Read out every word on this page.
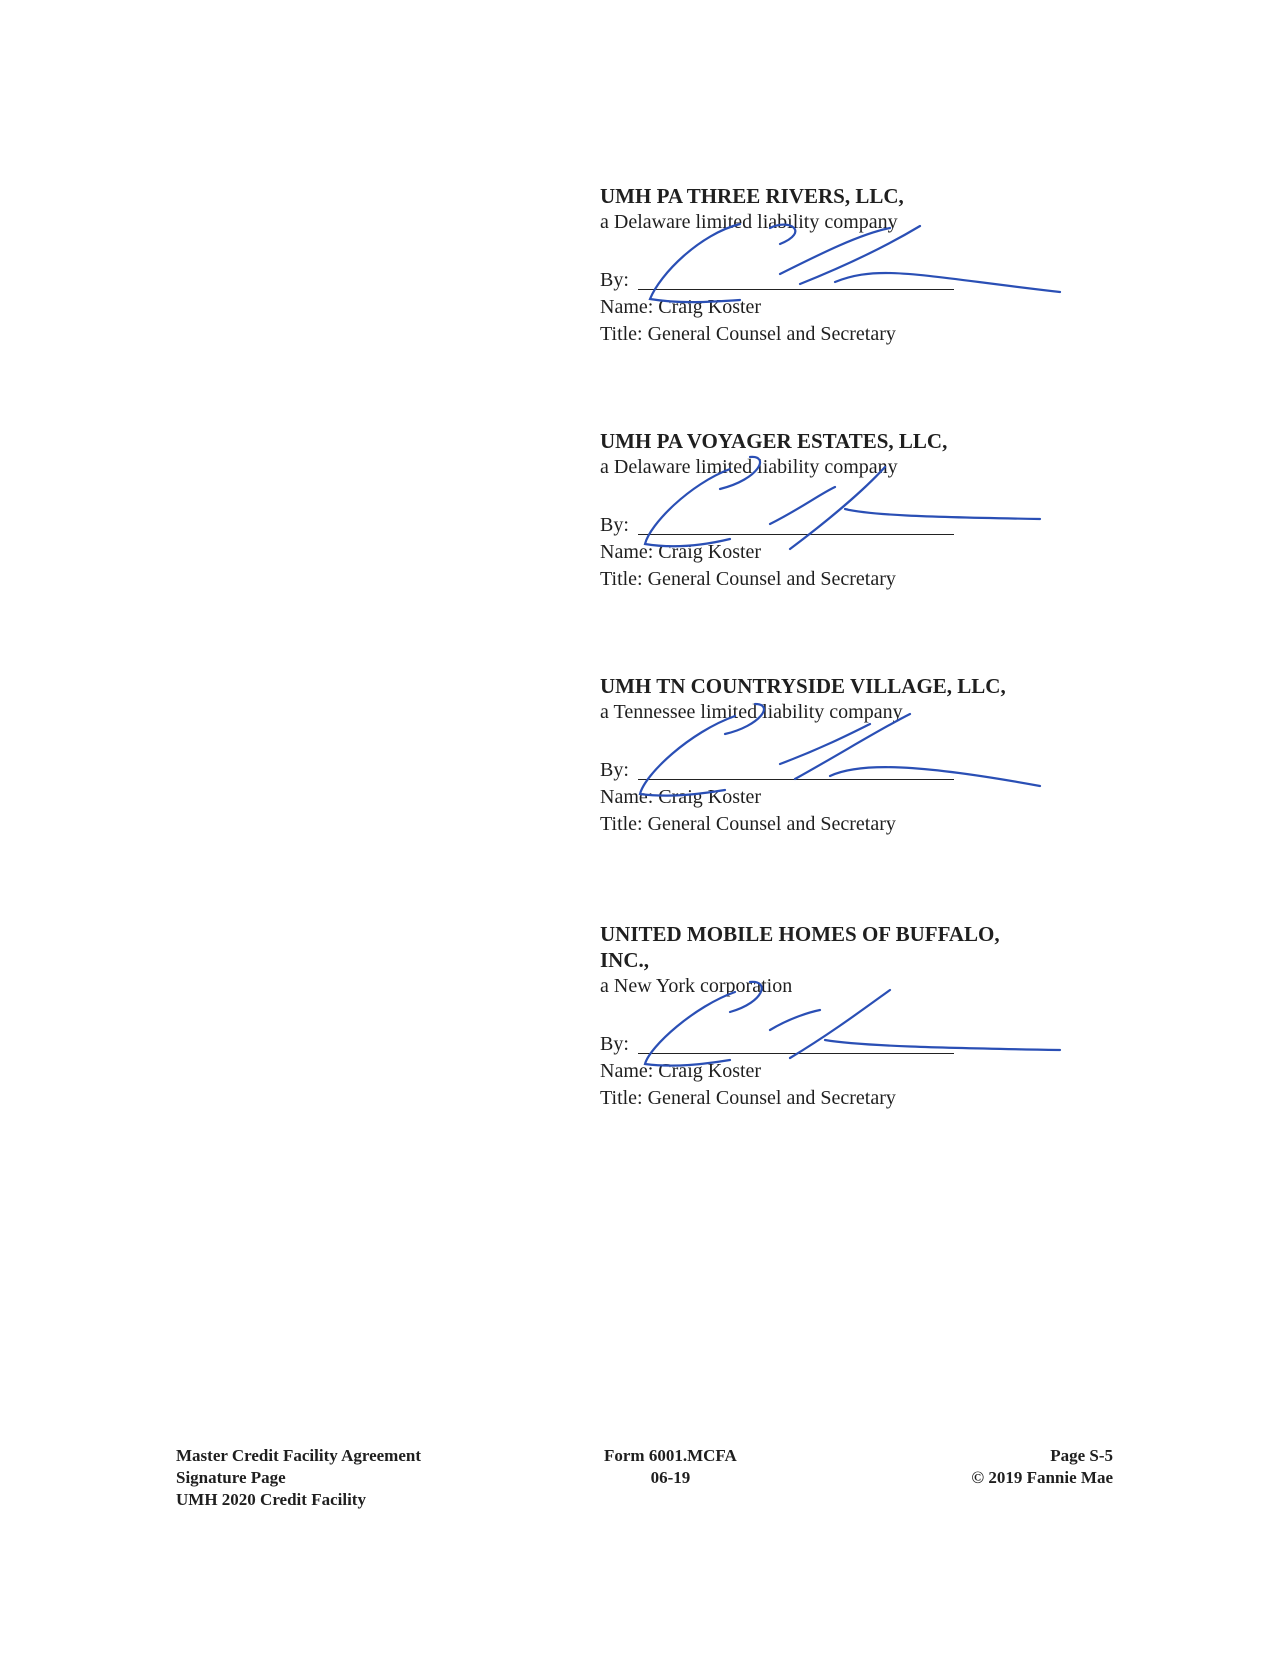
UMH PA THREE RIVERS, LLC,
a Delaware limited liability company
By:
Name: Craig Koster
Title: General Counsel and Secretary
UMH PA VOYAGER ESTATES, LLC,
a Delaware limited liability company
By:
Name: Craig Koster
Title: General Counsel and Secretary
UMH TN COUNTRYSIDE VILLAGE, LLC,
a Tennessee limited liability company
By:
Name: Craig Koster
Title: General Counsel and Secretary
UNITED MOBILE HOMES OF BUFFALO,
INC.,
a New York corporation
By:
Name: Craig Koster
Title: General Counsel and Secretary
Master Credit Facility Agreement
Signature Page
UMH 2020 Credit Facility
Form 6001.MCFA
06-19
Page S-5
© 2019 Fannie Mae
